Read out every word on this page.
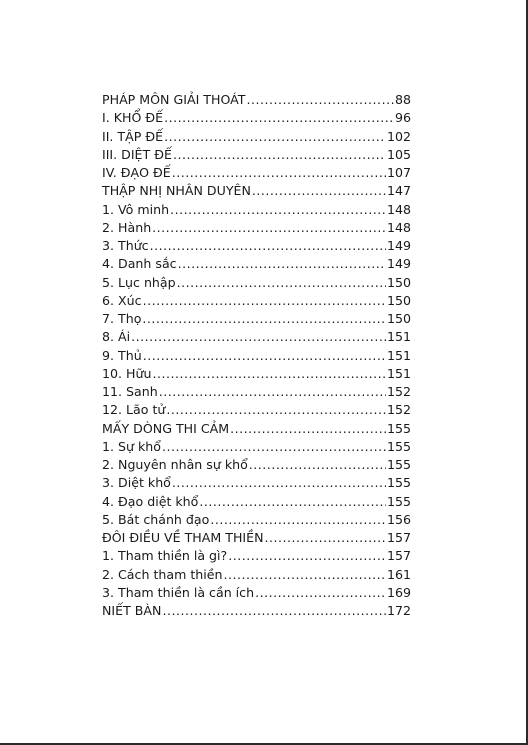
PHÁP MÔN GIẢI THOÁT .....	88
I. KHỔ ĐẾ .....	96
II. TẬP ĐẾ .....	102
III. DIỆT ĐẾ .....	105
IV. ĐẠO ĐẾ .....	107
THẬP NHỊ NHÂN DUYÊN .....	147
1. Vô minh .....	148
2. Hành .....	148
3. Thức .....	149
4. Danh sắc .....	149
5. Lục nhập .....	150
6. Xúc .....	150
7. Thọ .....	150
8. Ái .....	151
9. Thủ .....	151
10. Hữu .....	151
11. Sanh .....	152
12. Lão tử .....	152
MẤY DÒNG THI CẢM .....	155
1. Sự khổ .....	155
2. Nguyên nhân sự khổ .....	155
3. Diệt khổ .....	155
4. Đạo diệt khổ .....	155
5. Bát chánh đạo .....	156
ĐÔI ĐIỀU VỀ THAM THIỀN .....	157
1. Tham thiền là gì? .....	157
2. Cách tham thiền .....	161
3. Tham thiền là cần ích .....	169
NIẾT BÀN .....	172
